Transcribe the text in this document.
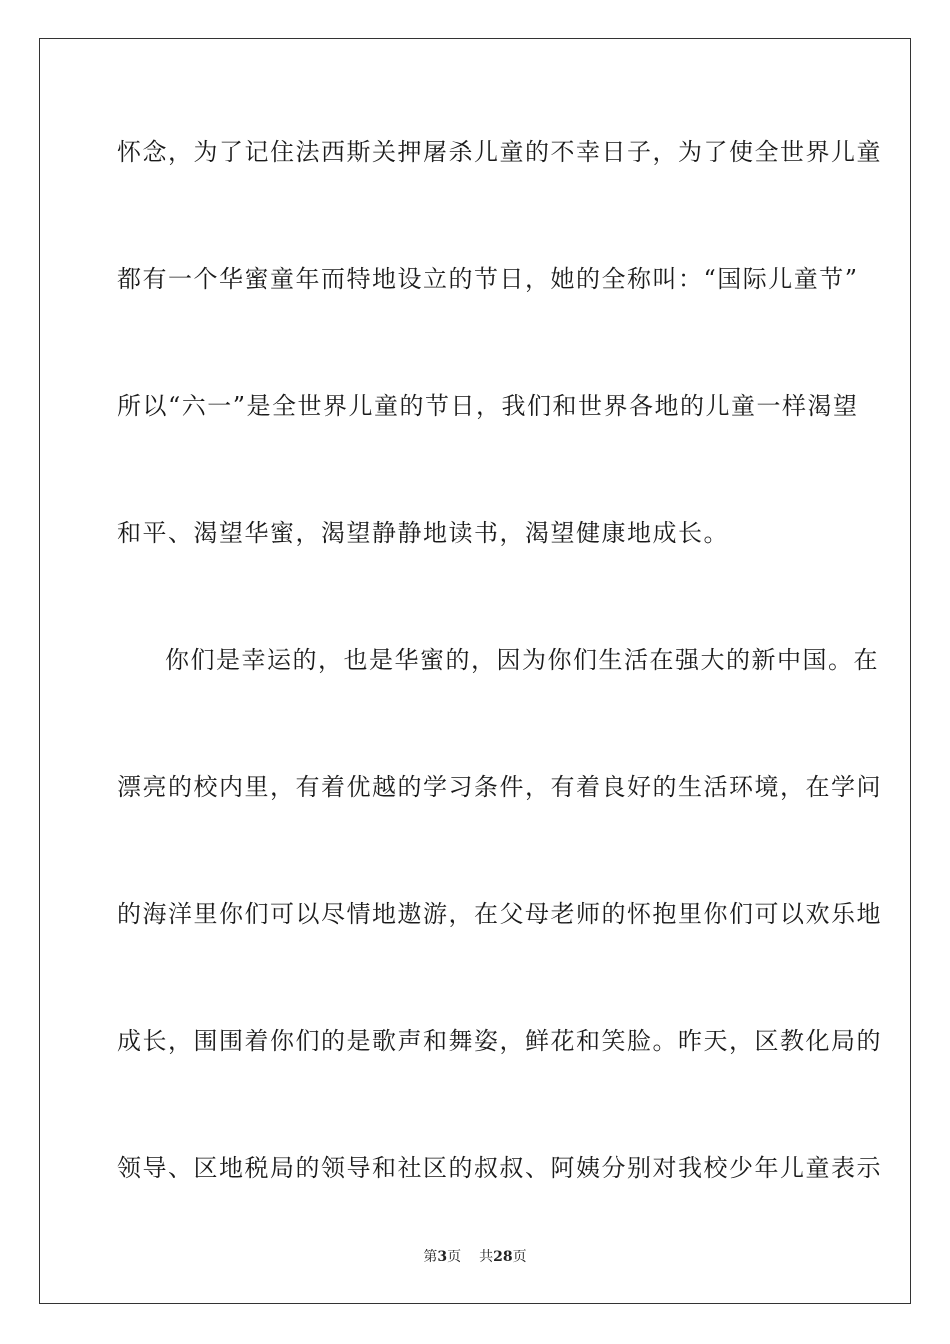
怀念，为了记住法西斯关押屠杀儿童的不幸日子，为了使全世界儿童
都有一个华蜜童年而特地设立的节日，她的全称叫：“国际儿童节”
所以“六一”是全世界儿童的节日，我们和世界各地的儿童一样渴望
和平、渴望华蜜，渴望静静地读书，渴望健康地成长。
你们是幸运的，也是华蜜的，因为你们生活在强大的新中国。在
漂亮的校内里，有着优越的学习条件，有着良好的生活环境，在学问
的海洋里你们可以尽情地遨游，在父母老师的怀抱里你们可以欢乐地
成长，围围着你们的是歌声和舞姿，鲜花和笑脸。昨天，区教化局的
领导、区地税局的领导和社区的叔叔、阿姨分别对我校少年儿童表示
第3页 共28页
